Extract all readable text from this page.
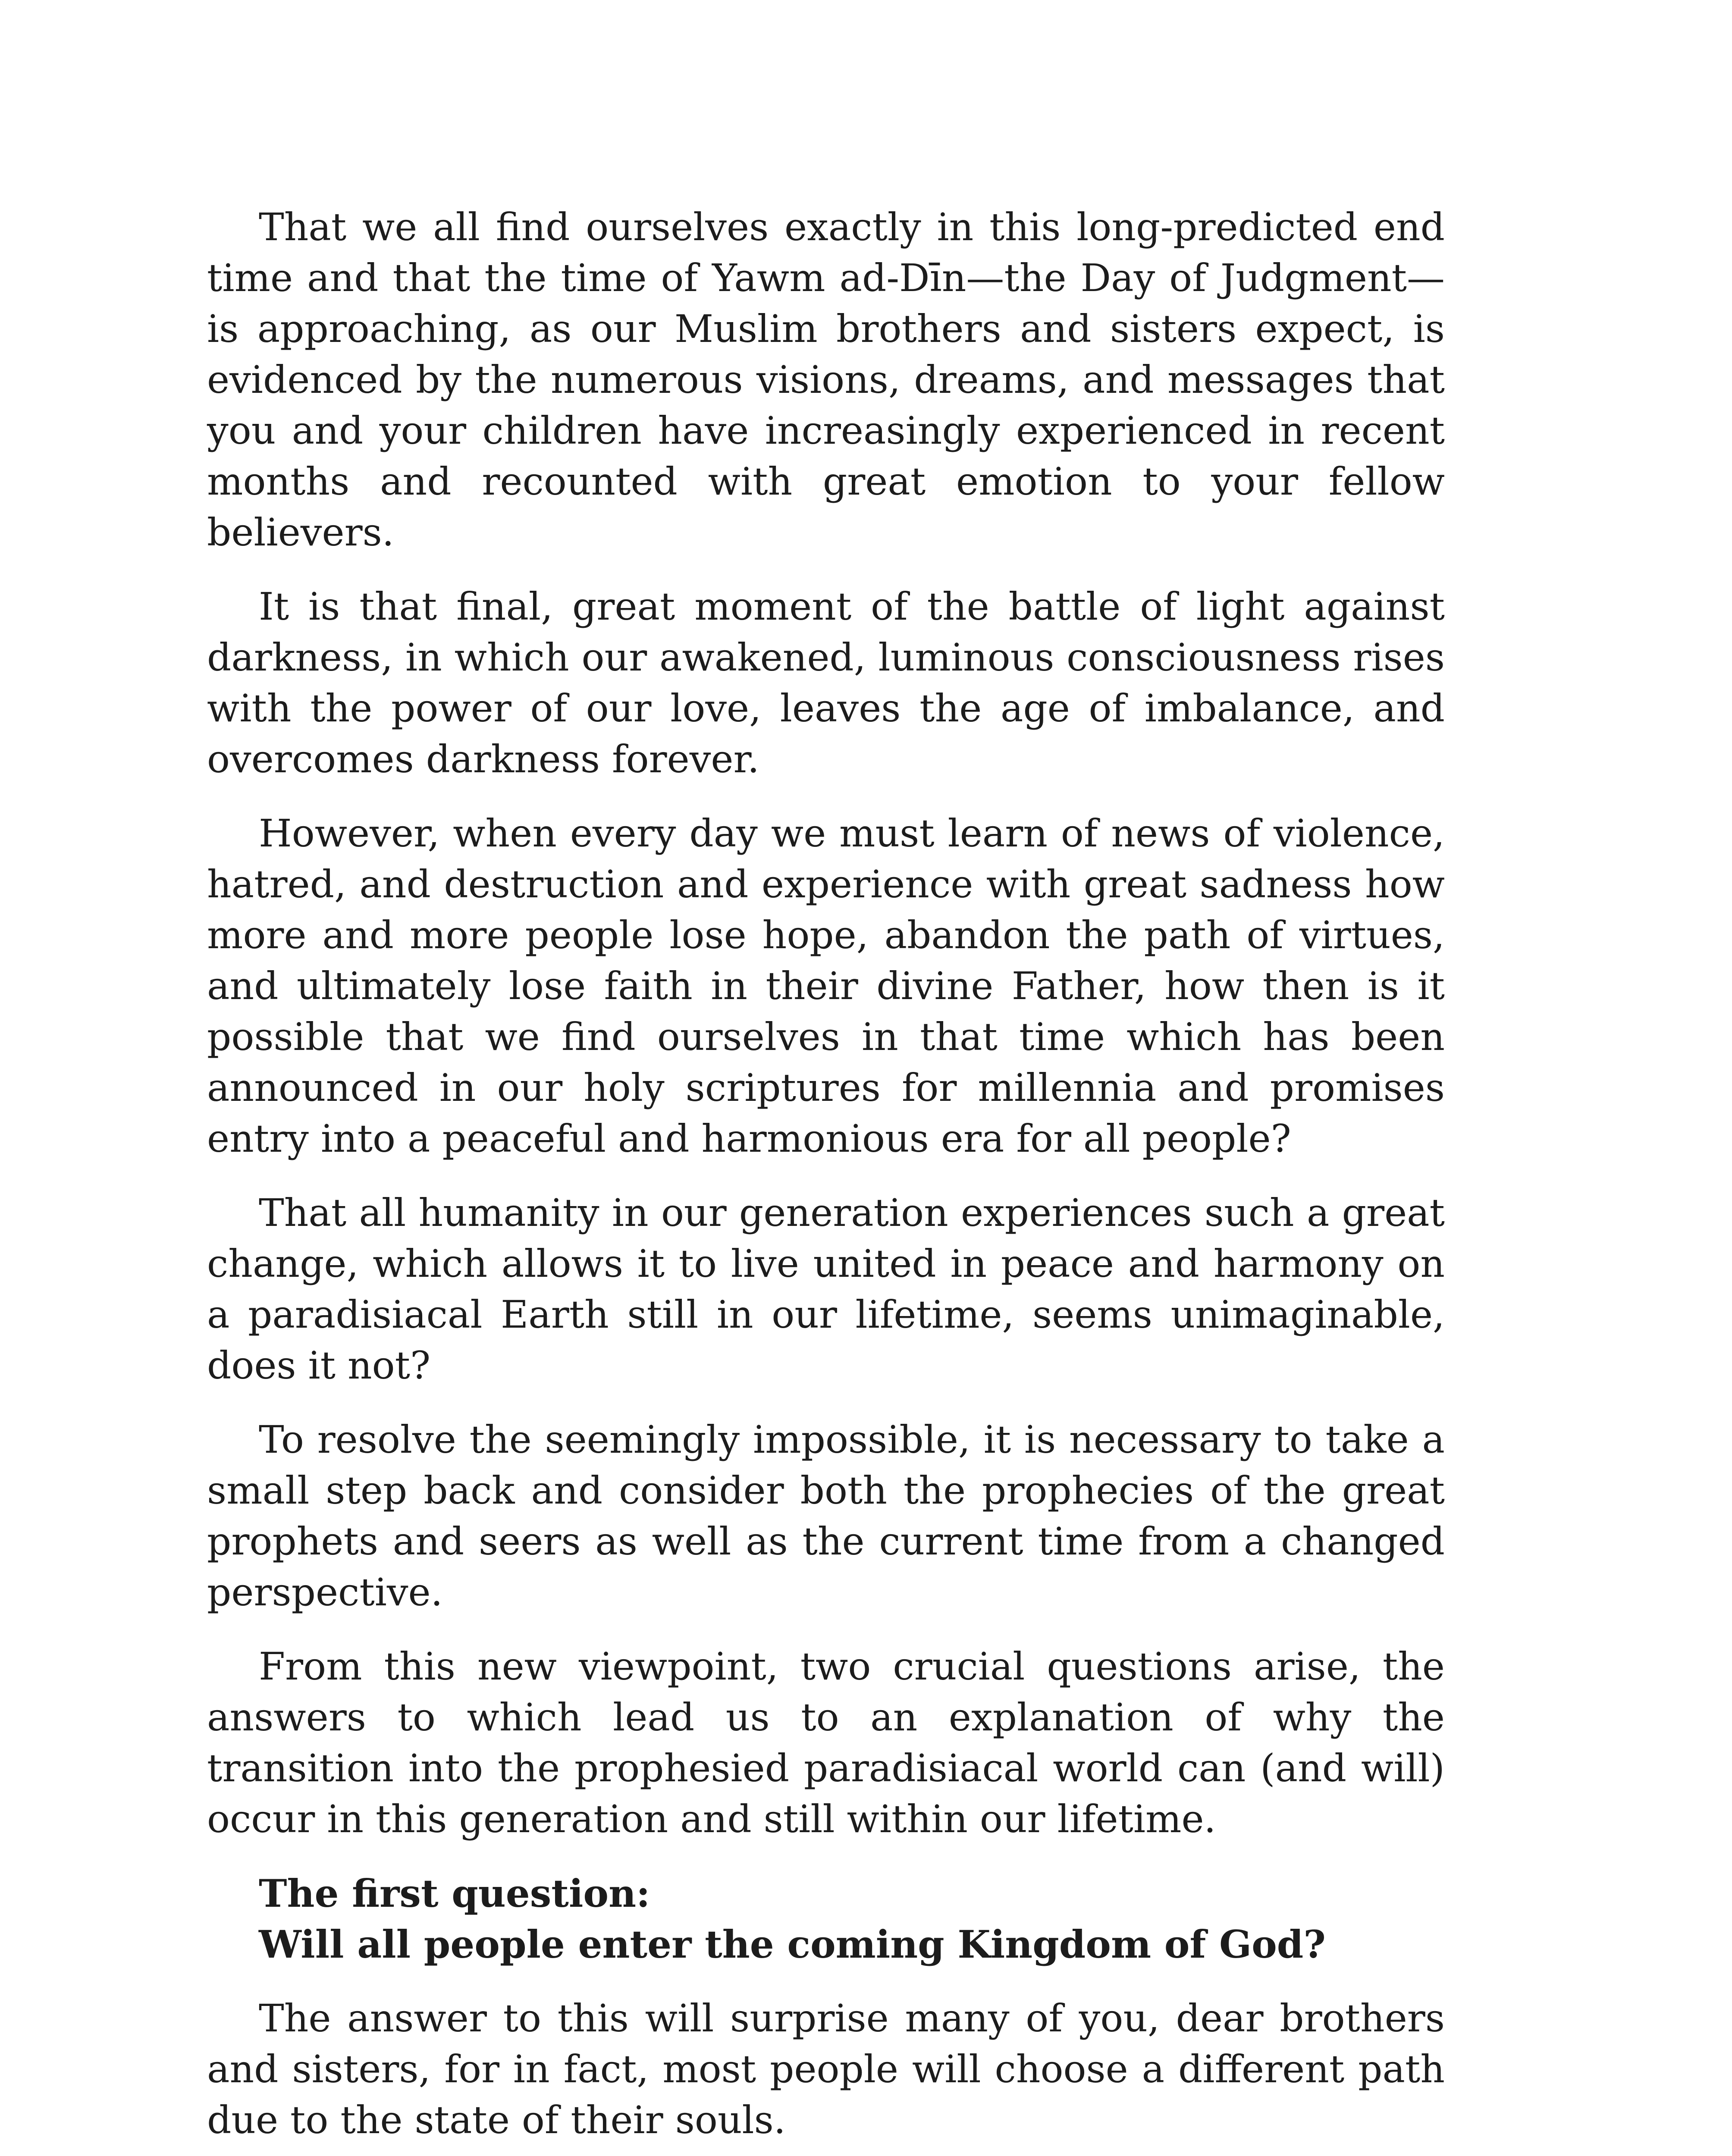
That we all find ourselves exactly in this long-predicted end time and that the time of Yawm ad-Dīn—the Day of Judgment—is approaching, as our Muslim brothers and sisters expect, is evidenced by the numerous visions, dreams, and messages that you and your children have increasingly experienced in recent months and recounted with great emotion to your fellow believers.

It is that final, great moment of the battle of light against darkness, in which our awakened, luminous consciousness rises with the power of our love, leaves the age of imbalance, and overcomes darkness forever.

However, when every day we must learn of news of violence, hatred, and destruction and experience with great sadness how more and more people lose hope, abandon the path of virtues, and ultimately lose faith in their divine Father, how then is it possible that we find ourselves in that time which has been announced in our holy scriptures for millennia and promises entry into a peaceful and harmonious era for all people?

That all humanity in our generation experiences such a great change, which allows it to live united in peace and harmony on a paradisiacal Earth still in our lifetime, seems unimaginable, does it not?

To resolve the seemingly impossible, it is necessary to take a small step back and consider both the prophecies of the great prophets and seers as well as the current time from a changed perspective.

From this new viewpoint, two crucial questions arise, the answers to which lead us to an explanation of why the transition into the prophesied paradisiacal world can (and will) occur in this generation and still within our lifetime.

The first question:
Will all people enter the coming Kingdom of God?

The answer to this will surprise many of you, dear brothers and sisters, for in fact, most people will choose a different path due to the state of their souls.
